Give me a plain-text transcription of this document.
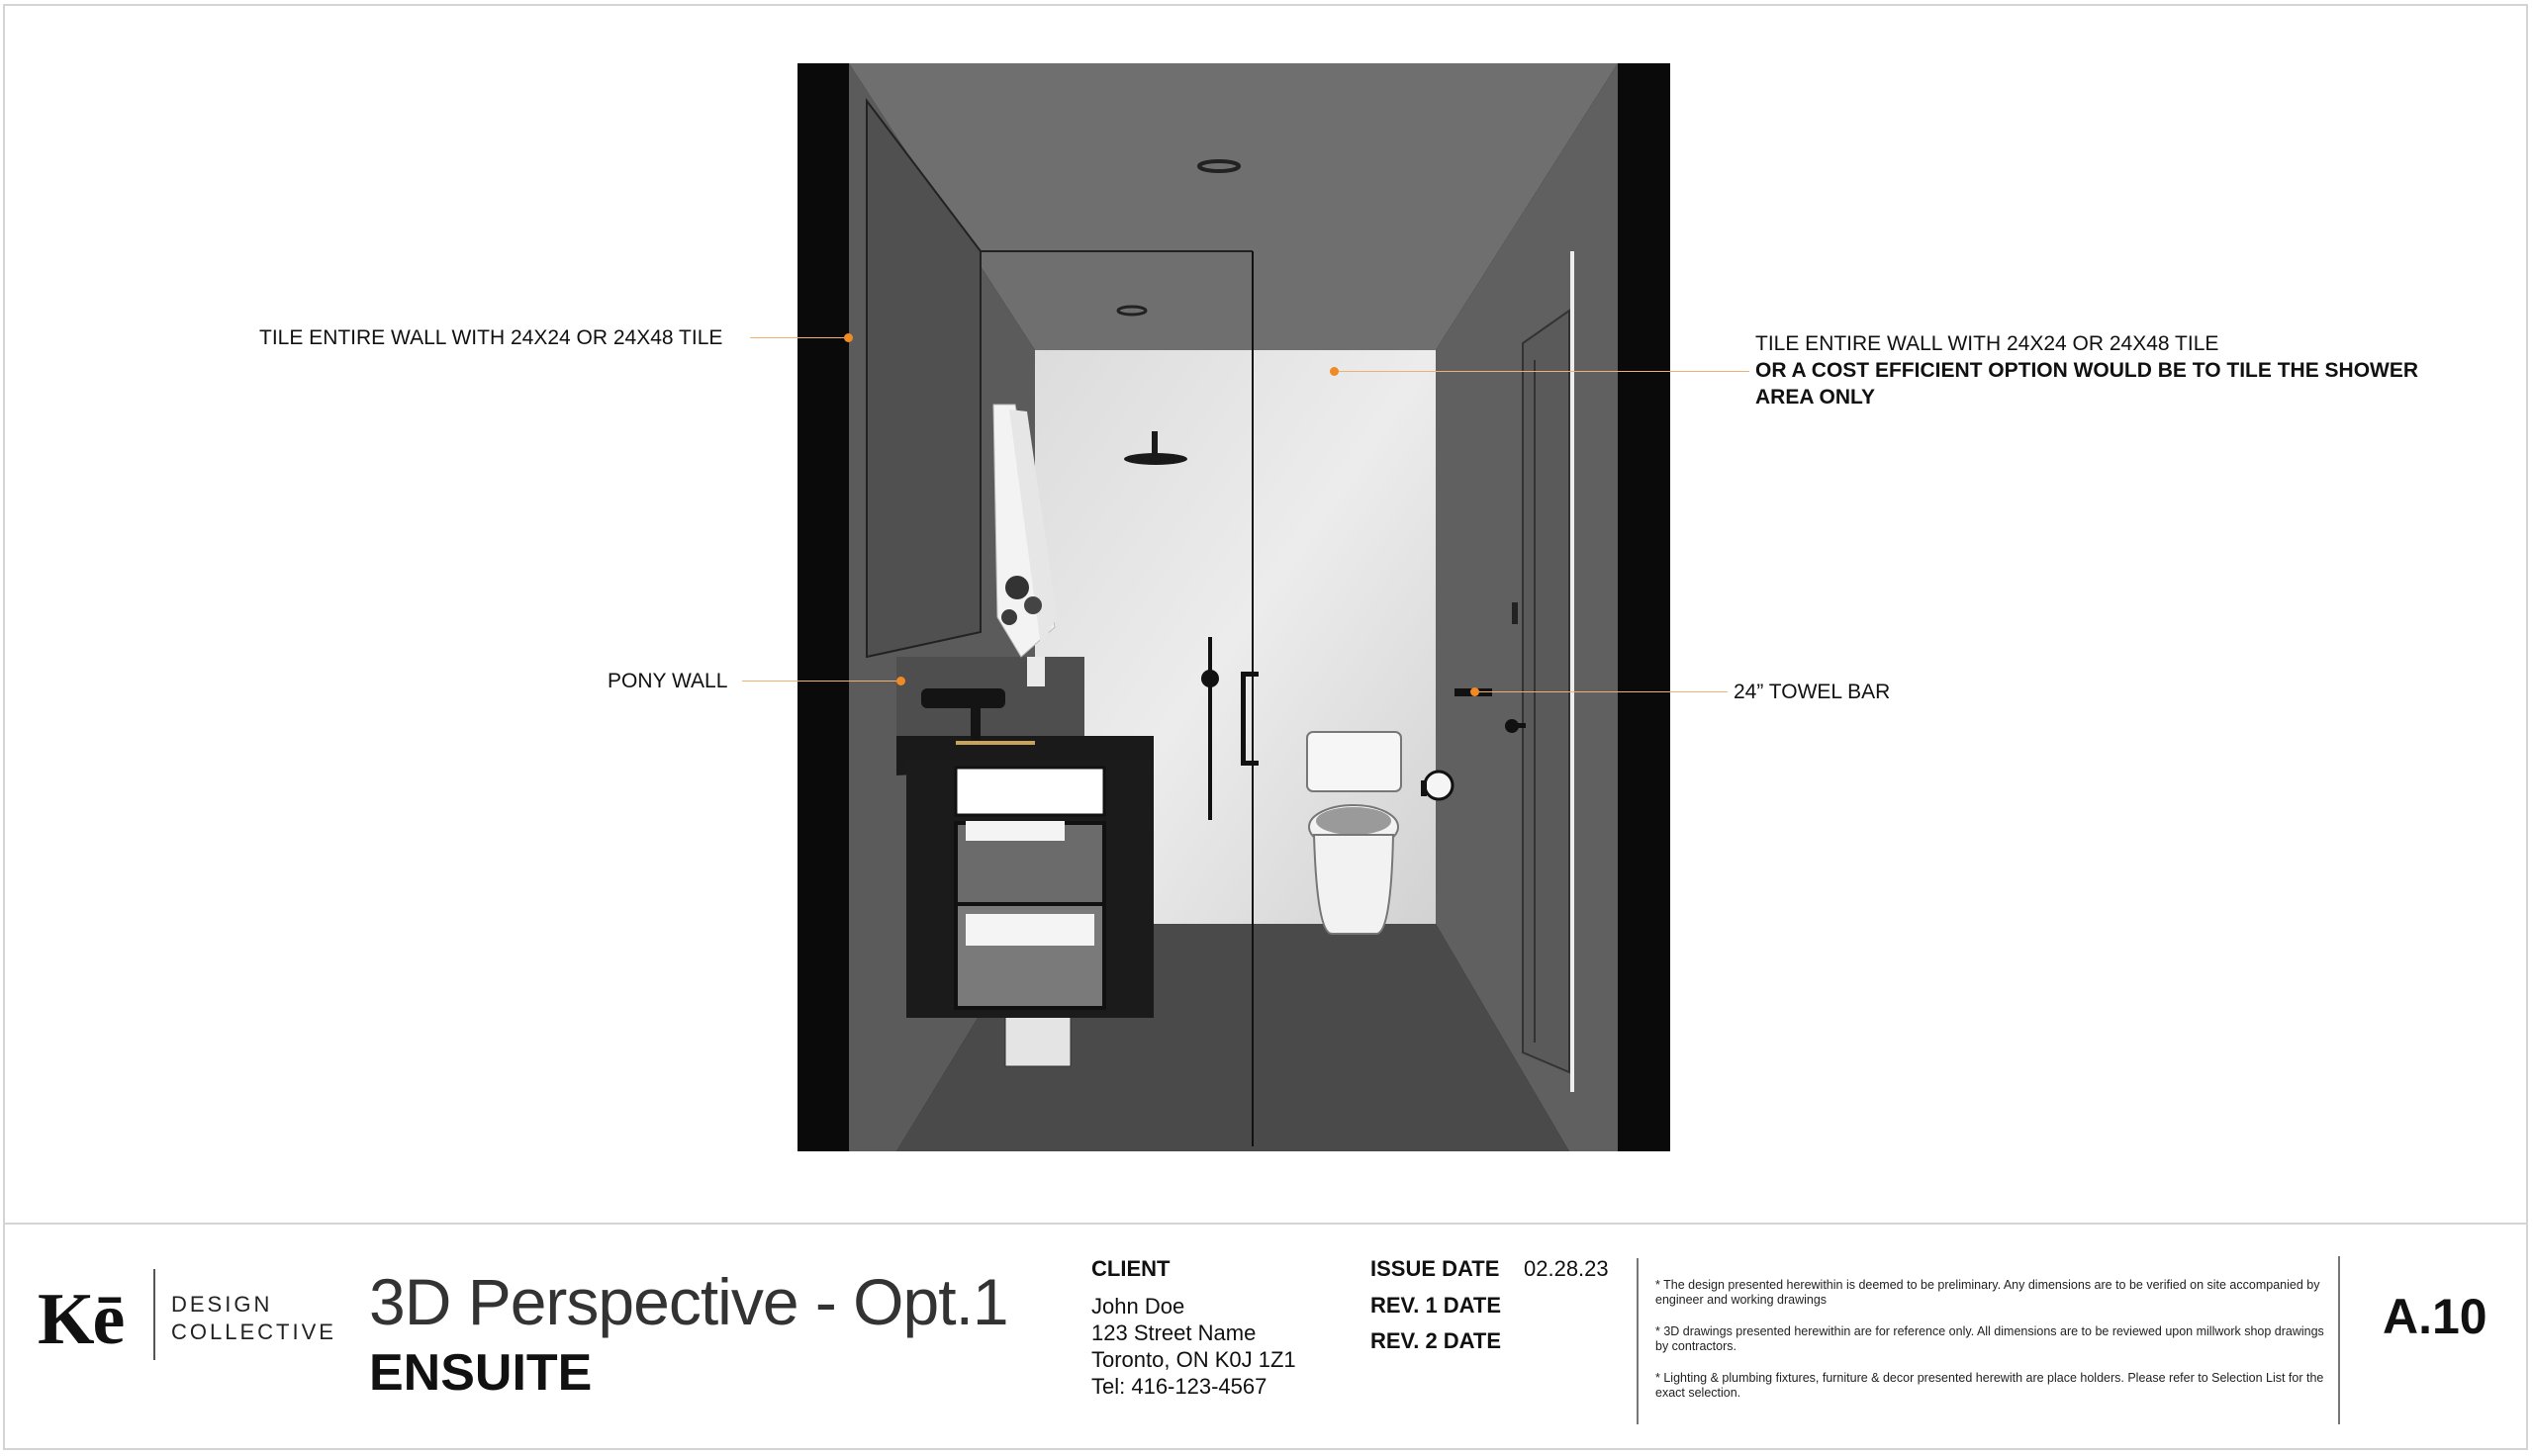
TILE ENTIRE WALL WITH 24X24 OR 24X48 TILE	TILE ENTIRE WALL WITH 24X24 OR 24X48 TILE
OR A COST EFFICIENT OPTION WOULD BE TO TILE THE SHOWER
AREA ONLY
PONY WALL	24” TOWEL BAR
Kē DESIGN
COLLECTIVE 3D Perspective - Opt.1
ENSUITE
CLIENT
John Doe
123 Street Name
Toronto, ON K0J 1Z1
Tel: 416-123-4567
ISSUE DATE 02.28.23
REV. 1 DATE
REV. 2 DATE
* The design presented herewithin is deemed to be preliminary. Any dimensions are to be verified on site accompanied by engineer and working drawings
* 3D drawings presented herewithin are for reference only. All dimensions are to be reviewed upon millwork shop drawings by contractors.
* Lighting & plumbing fixtures, furniture & decor presented herewith are place holders. Please refer to Selection List for the exact selection.
A.10
